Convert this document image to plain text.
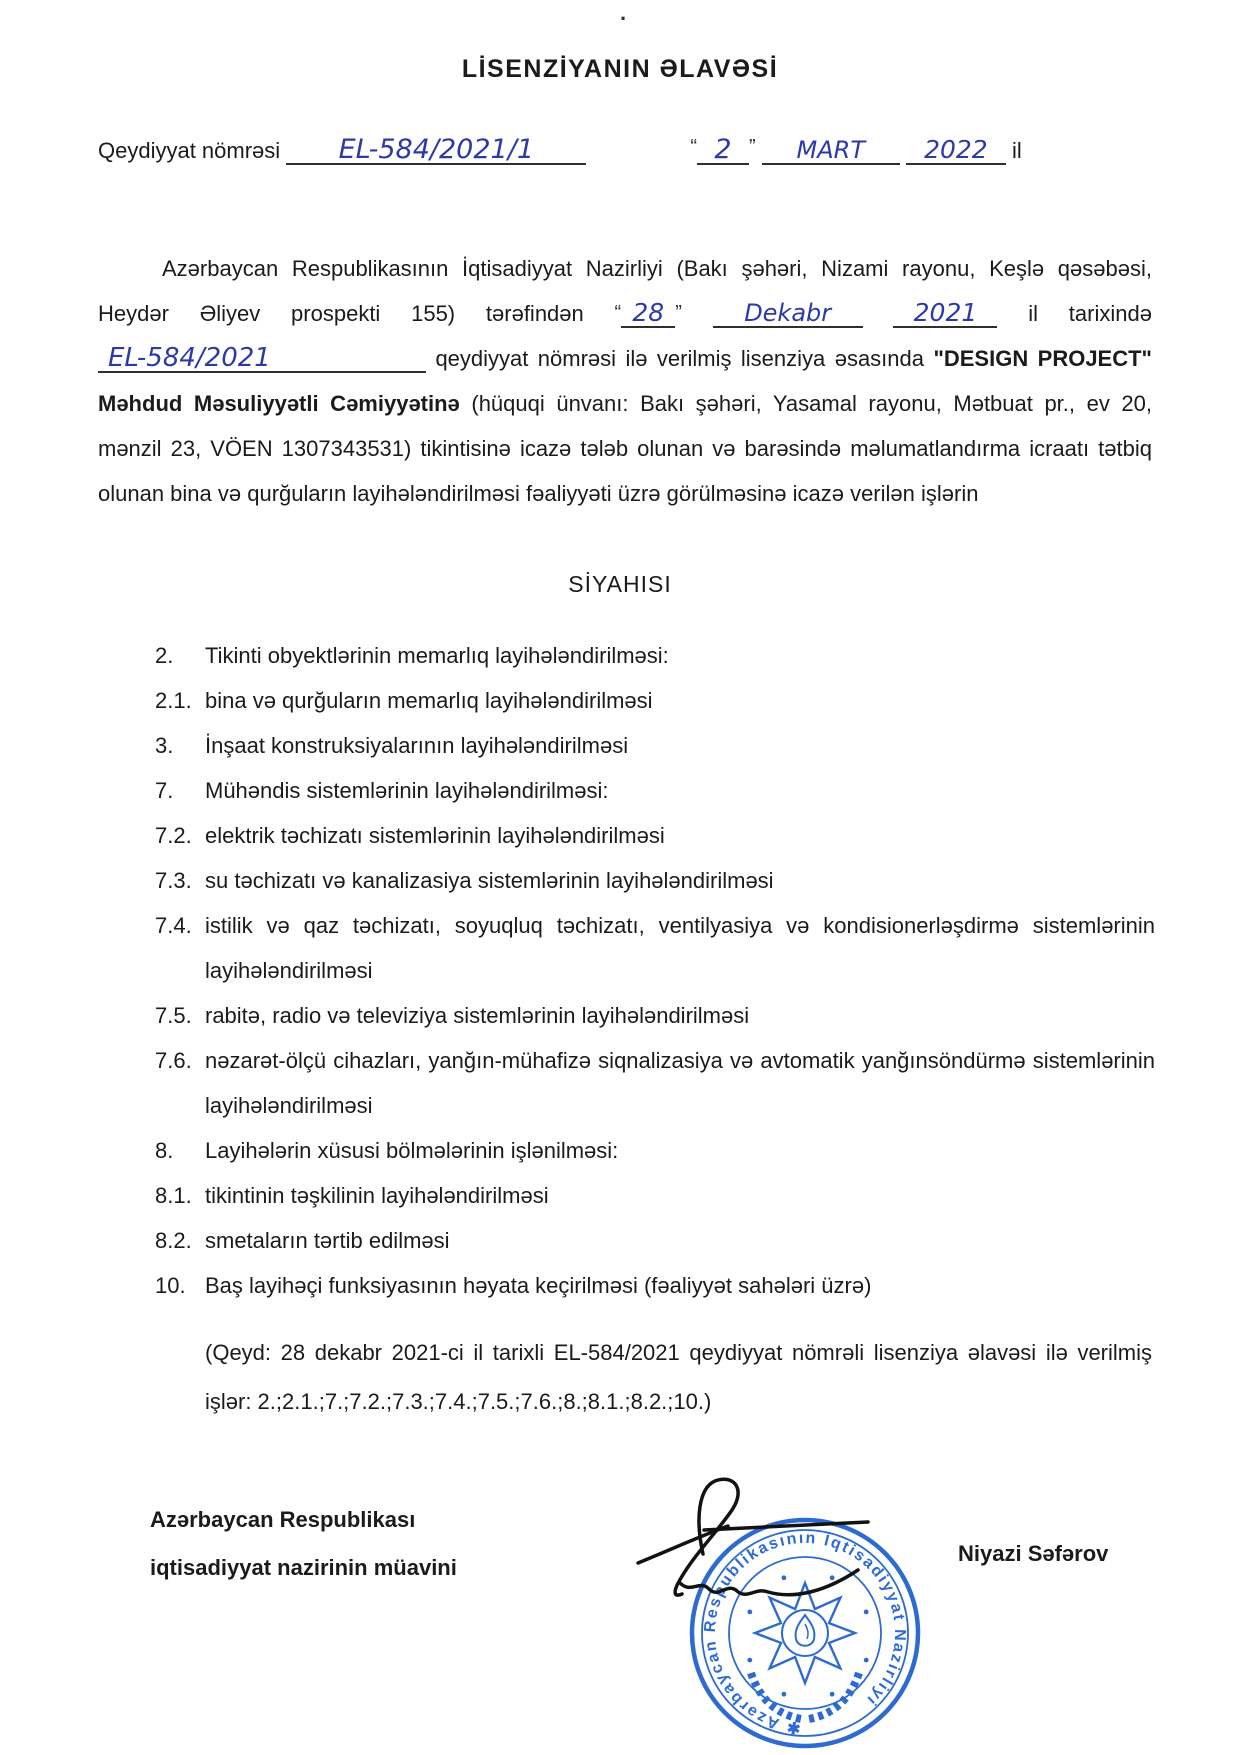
.
LİSENZİYANIN ƏLAVƏSİ
Qeydiyyat nömrəsi EL-584/2021/1	“ 2 ” MART 2022 il

Azərbaycan Respublikasının İqtisadiyyat Nazirliyi (Bakı şəhəri, Nizami rayonu, Keşlə qəsəbəsi, Heydər Əliyev prospekti 155) tərəfindən “ 28 ”	Dekabr	2021 il tarixində EL-584/2021	qeydiyyat nömrəsi ilə verilmiş lisenziya əsasında "DESIGN PROJECT" Məhdud Məsuliyyətli Cəmiyyətinə (hüquqi ünvanı: Bakı şəhəri, Yasamal rayonu, Mətbuat pr., ev 20, mənzil 23, VÖEN 1307343531) tikintisinə icazə tələb olunan və barəsində məlumatlandırma icraatı tətbiq olunan bina və qurğuların layihələndirilməsi fəaliyyəti üzrə görülməsinə icazə verilən işlərin

SİYAHISI
2.	Tikinti obyektlərinin memarlıq layihələndirilməsi:
2.1. bina və qurğuların memarlıq layihələndirilməsi
3.	İnşaat konstruksiyalarının layihələndirilməsi
7.	Mühəndis sistemlərinin layihələndirilməsi:
7.2. elektrik təchizatı sistemlərinin layihələndirilməsi
7.3. su təchizatı və kanalizasiya sistemlərinin layihələndirilməsi
7.4. istilik və qaz təchizatı, soyuqluq təchizatı, ventilyasiya və kondisionerləşdirmə sistemlərinin layihələndirilməsi
7.5. rabitə, radio və televiziya sistemlərinin layihələndirilməsi
7.6. nəzarət-ölçü cihazları, yanğın-mühafizə siqnalizasiya və avtomatik yanğınsöndürmə sistemlərinin layihələndirilməsi
8.	Layihələrin xüsusi bölmələrinin işlənilməsi:
8.1. tikintinin təşkilinin layihələndirilməsi
8.2. smetaların tərtib edilməsi
10. Baş layihəçi funksiyasının həyata keçirilməsi (fəaliyyət sahələri üzrə)
(Qeyd: 28 dekabr 2021-ci il tarixli EL-584/2021 qeydiyyat nömrəli lisenziya əlavəsi ilə verilmiş işlər: 2.;2.1.;7.;7.2.;7.3.;7.4.;7.5.;7.6.;8.;8.1.;8.2.;10.)
Azərbaycan Respublikası
iqtisadiyyat nazirinin müavini
Niyazi Səfərov
✱ Azərbaycan Respublikasının İqtisadiyyat Nazirliyi
